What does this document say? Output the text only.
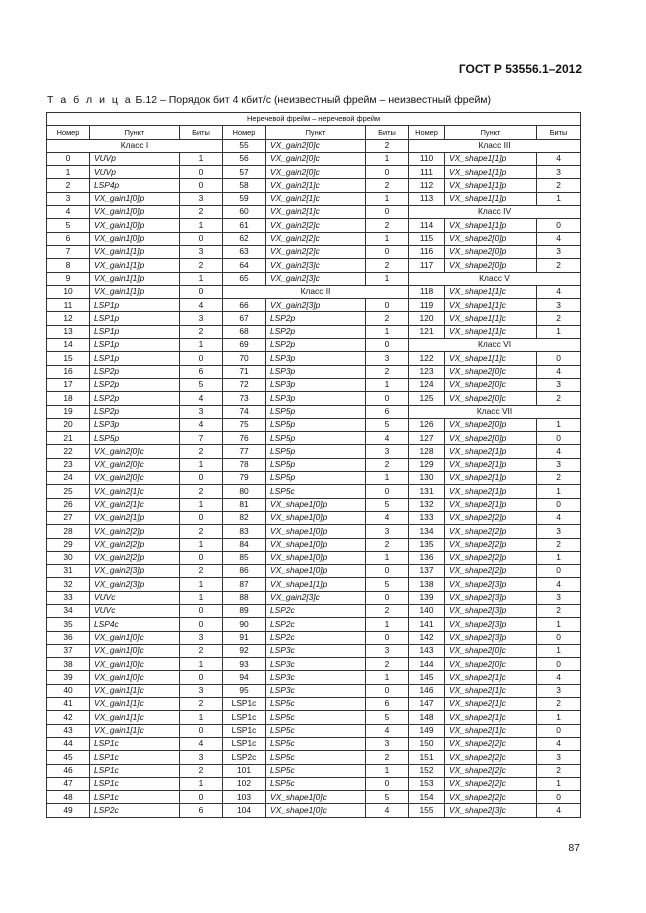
ГОСТ Р 53556.1–2012
Т а б л и ц а Б.12 – Порядок бит 4 кбит/с (неизвестный фрейм – неизвестный фрейм)
Неречевой фрейм – неречевой фрейм								
Номер	Пункт	Биты	Номер	Пункт	Биты	Номер	Пункт	Биты
Класс I			55	VX_gain2[0]c	2	Класс III		
0	VUVp	1	56	VX_gain2[0]c	1	110	VX_shape1[1]p	4
1	VUVp	0	57	VX_gain2[0]c	0	111	VX_shape1[1]p	3
2	LSP4p	0	58	VX_gain2[1]c	2	112	VX_shape1[1]p	2
3	VX_gain1[0]p	3	59	VX_gain2[1]c	1	113	VX_shape1[1]p	1
4	VX_gain1[0]p	2	60	VX_gain2[1]c	0	Класс IV		
5	VX_gain1[0]p	1	61	VX_gain2[2]c	2	114	VX_shape1[1]p	0
6	VX_gain1[0]p	0	62	VX_gain2[2]c	1	115	VX_shape2[0]p	4
7	VX_gain1[1]p	3	63	VX_gain2[2]c	0	116	VX_shape2[0]p	3
8	VX_gain1[1]p	2	64	VX_gain2[3]c	2	117	VX_shape2[0]p	2
9	VX_gain1[1]p	1	65	VX_gain2[3]c	1	Класс V		
10	VX_gain1[1]p	0	Класс II			118	VX_shape1[1]c	4
11	LSP1p	4	66	VX_gain2[3]p	0	119	VX_shape1[1]c	3
12	LSP1p	3	67	LSP2p	2	120	VX_shape1[1]c	2
13	LSP1p	2	68	LSP2p	1	121	VX_shape1[1]c	1
14	LSP1p	1	69	LSP2p	0	Класс VI		
15	LSP1p	0	70	LSP3p	3	122	VX_shape1[1]c	0
16	LSP2p	6	71	LSP3p	2	123	VX_shape2[0]c	4
17	LSP2p	5	72	LSP3p	1	124	VX_shape2[0]c	3
18	LSP2p	4	73	LSP3p	0	125	VX_shape2[0]c	2
19	LSP2p	3	74	LSP5p	6	Класс VII		
20	LSP3p	4	75	LSP5p	5	126	VX_shape2[0]p	1
21	LSP5p	7	76	LSP5p	4	127	VX_shape2[0]p	0
22	VX_gain2[0]c	2	77	LSP5p	3	128	VX_shape2[1]p	4
23	VX_gain2[0]c	1	78	LSP5p	2	129	VX_shape2[1]p	3
24	VX_gain2[0]c	0	79	LSP5p	1	130	VX_shape2[1]p	2
25	VX_gain2[1]c	2	80	LSP5c	0	131	VX_shape2[1]p	1
26	VX_gain2[1]c	1	81	VX_shape1[0]p	5	132	VX_shape2[1]p	0
27	VX_gain2[1]p	0	82	VX_shape1[0]p	4	133	VX_shape2[2]p	4
28	VX_gain2[2]p	2	83	VX_shape1[0]p	3	134	VX_shape2[2]p	3
29	VX_gain2[2]p	1	84	VX_shape1[0]p	2	135	VX_shape2[2]p	2
30	VX_gain2[2]p	0	85	VX_shape1[0]p	1	136	VX_shape2[2]p	1
31	VX_gain2[3]p	2	86	VX_shape1[0]p	0	137	VX_shape2[2]p	0
32	VX_gain2[3]p	1	87	VX_shape1[1]p	5	138	VX_shape2[3]p	4
33	VUVc	1	88	VX_gain2[3]c	0	139	VX_shape2[3]p	3
34	VUVc	0	89	LSP2c	2	140	VX_shape2[3]p	2
35	LSP4c	0	90	LSP2c	1	141	VX_shape2[3]p	1
36	VX_gain1[0]c	3	91	LSP2c	0	142	VX_shape2[3]p	0
37	VX_gain1[0]c	2	92	LSP3c	3	143	VX_shape2[0]c	1
38	VX_gain1[0]c	1	93	LSP3c	2	144	VX_shape2[0]c	0
39	VX_gain1[0]c	0	94	LSP3c	1	145	VX_shape2[1]c	4
40	VX_gain1[1]c	3	95	LSP3c	0	146	VX_shape2[1]c	3
41	VX_gain1[1]c	2	LSP1c	LSP5c	6	147	VX_shape2[1]c	2
42	VX_gain1[1]c	1	LSP1c	LSP5c	5	148	VX_shape2[1]c	1
43	VX_gain1[1]c	0	LSP1c	LSP5c	4	149	VX_shape2[1]c	0
44	LSP1c	4	LSP1c	LSP5c	3	150	VX_shape2[2]c	4
45	LSP1c	3	LSP2c	LSP5c	2	151	VX_shape2[2]c	3
46	LSP1c	2	101	LSP5c	1	152	VX_shape2[2]c	2
47	LSP1c	1	102	LSP5c	0	153	VX_shape2[2]c	1
48	LSP1c	0	103	VX_shape1[0]c	5	154	VX_shape2[2]c	0
49	LSP2c	6	104	VX_shape1[0]c	4	155	VX_shape2[3]c	4
87
